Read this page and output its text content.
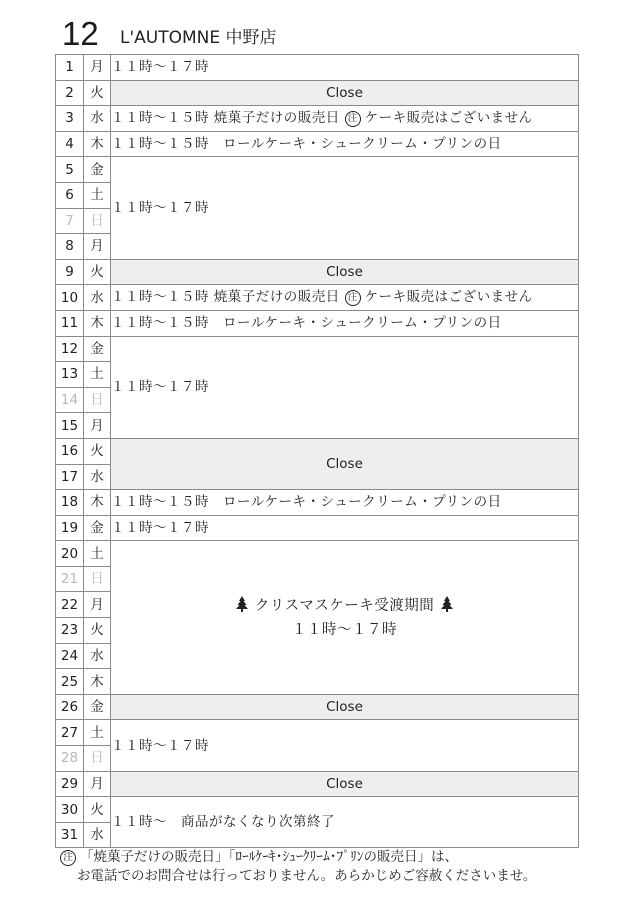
12 L'AUTOMNE 中野店
1	月	１１時～１７時
2	火	Close
3	水	１１時～１５時 焼菓子だけの販売日 注 ケーキ販売はございません
4	木	１１時～１５時　 ロールケーキ・シュークリーム・プリンの日
5	金	１１時～１７時
6	土	
7	日	
8	月	
9	火	Close
10	水	１１時～１５時 焼菓子だけの販売日 注 ケーキ販売はございません
11	木	１１時～１５時　 ロールケーキ・シュークリーム・プリンの日
12	金	１１時～１７時
13	土	
14	日	
15	月	
16	火	Close
17	水	
18	木	１１時～１５時　 ロールケーキ・シュークリーム・プリンの日
19	金	１１時～１７時
20	土	クリスマスケーキ受渡期間
１１時～１７時

21	日	
22	月	
23	火	
24	水	
25	木	
26	金	Close
27	土	１１時～１７時
28	日	
29	月	Close
30	火	１１時～　商品がなくなり次第終了
31	水	
注 「焼菓子だけの販売日」「ﾛｰﾙｹｰｷ･ｼｭｰｸﾘｰﾑ･ﾌﾟﾘﾝの販売日」は、
お電話でのお問合せは行っておりません。あらかじめご容赦くださいませ。
